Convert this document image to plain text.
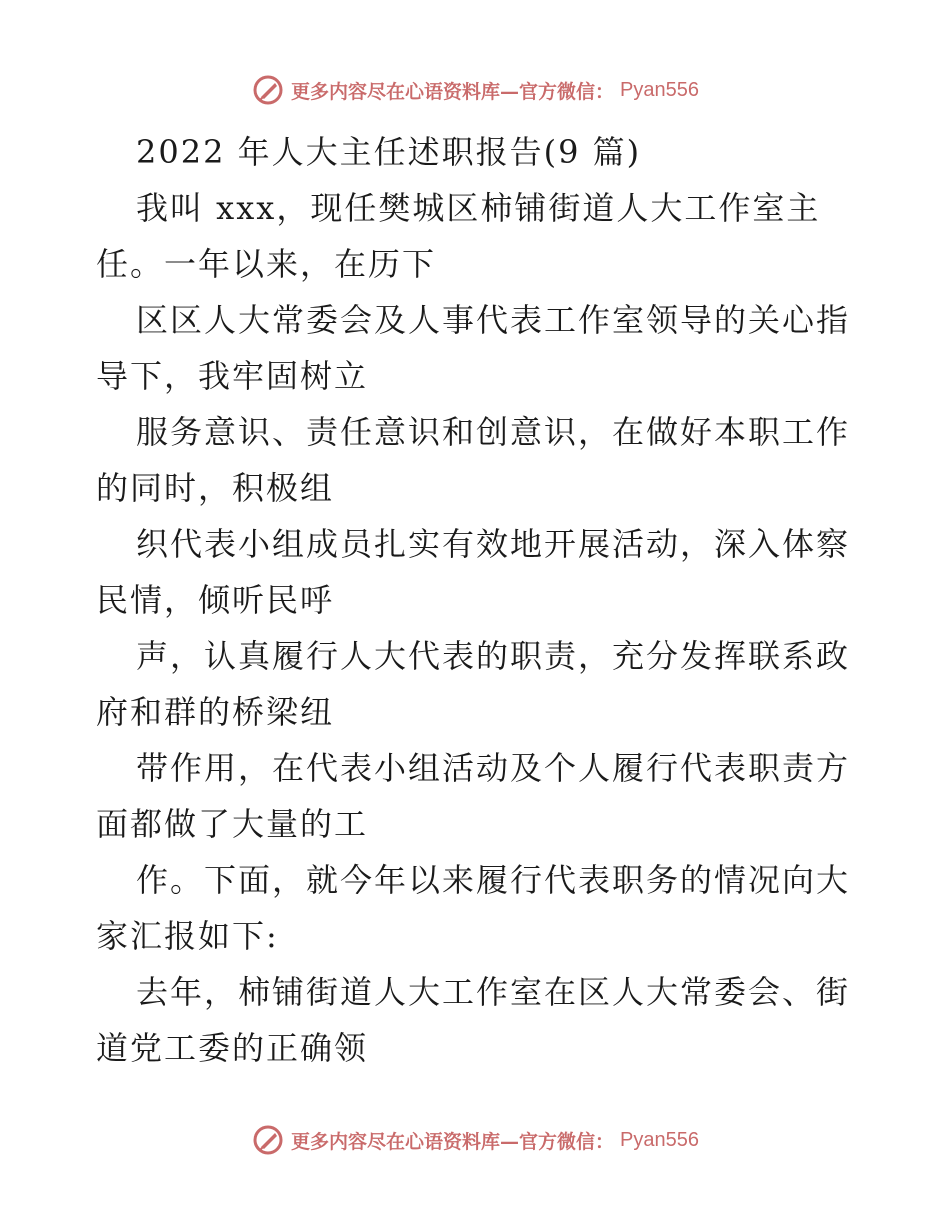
更多内容尽在心语资料库—官方微信： Pyan556
2022 年人大主任述职报告(9 篇)
我叫 xxx，现任樊城区柿铺街道人大工作室主
任。一年以来，在历下
区区人大常委会及人事代表工作室领导的关心指
导下，我牢固树立
服务意识、责任意识和创意识，在做好本职工作
的同时，积极组
织代表小组成员扎实有效地开展活动，深入体察
民情，倾听民呼
声，认真履行人大代表的职责，充分发挥联系政
府和群的桥梁纽
带作用，在代表小组活动及个人履行代表职责方
面都做了大量的工
作。下面，就今年以来履行代表职务的情况向大
家汇报如下:
去年，柿铺街道人大工作室在区人大常委会、街
道党工委的正确领
更多内容尽在心语资料库—官方微信： Pyan556
